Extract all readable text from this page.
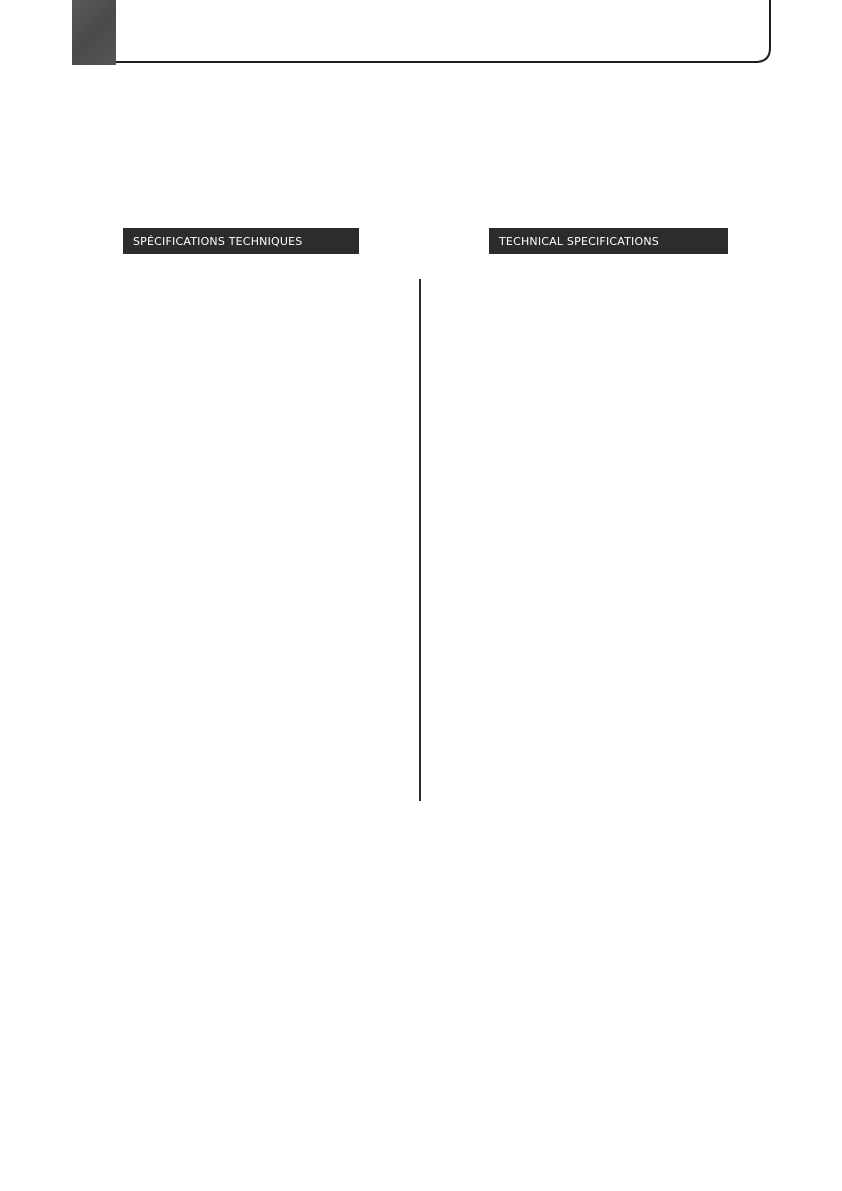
SPÉCIFICATIONS TECHNIQUES	TECHNICAL SPECIFICATIONS
